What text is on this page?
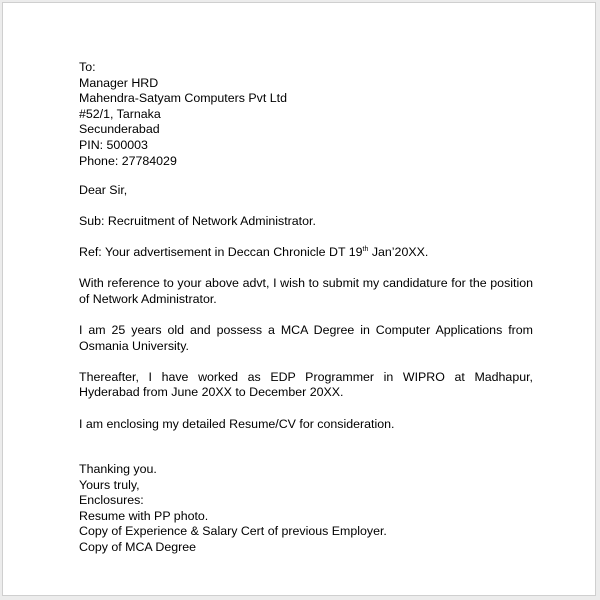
To:
Manager HRD
Mahendra-Satyam Computers Pvt Ltd
#52/1, Tarnaka
Secunderabad
PIN: 500003
Phone: 27784029
Dear Sir,
Sub: Recruitment of Network Administrator.
Ref: Your advertisement in Deccan Chronicle DT 19th Jan’20XX.

With reference to your above advt, I wish to submit my candidature for the position of Network Administrator.

I am 25 years old and possess a MCA Degree in Computer Applications from Osmania University.

Thereafter, I have worked as EDP Programmer in WIPRO at Madhapur, Hyderabad from June 20XX to December 20XX.

I am enclosing my detailed Resume/CV for consideration.

Thanking you.
Yours truly,
Enclosures:
Resume with PP photo.
Copy of Experience & Salary Cert of previous Employer.
Copy of MCA Degree
